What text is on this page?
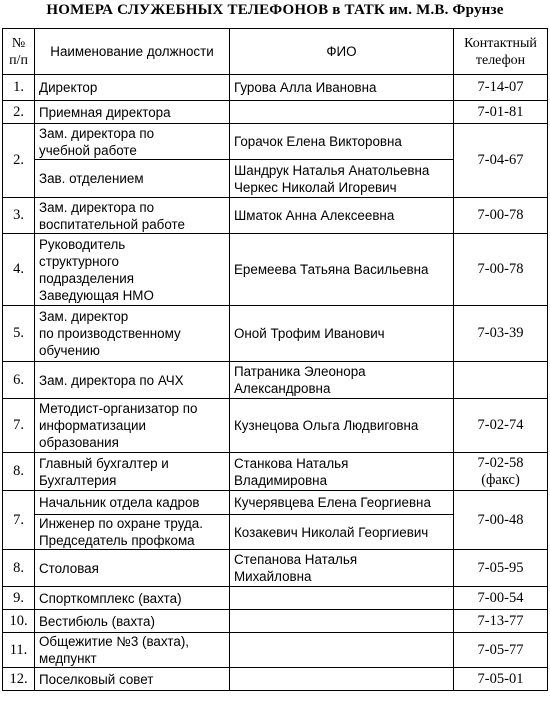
НОМЕРА СЛУЖЕБНЫХ ТЕЛЕФОНОВ в ТАТК им. М.В. Фрунзе
№ п/п	Наименование должности	ФИО	Контактный телефон
1.	Директор	Гурова Алла Ивановна	7-14-07

2.	Приемная директора		7-01-81

2.	Зам. директора по
учебной работе	Горачок Елена Викторовна	7-04-67

	Зав. отделением	Шандрук Наталья Анатольевна
Черкес Николай Игоревич	

3.	Зам. директора по
воспитательной работе	Шматок Анна Алексеевна	7-00-78

4.	Руководитель
структурного
подразделения
Заведующая НМО	Еремеева Татьяна Васильевна	7-00-78

5.	Зам. директор
по производственному
обучению	Оной Трофим Иванович	7-03-39

6.	Зам. директора по АЧХ	Патраника Элеонора
Александровна	

7.	Методист-организатор по
информатизации
образования	Кузнецова Ольга Людвиговна	7-02-74

8.	Главный бухгалтер и
Бухгалтерия	Станкова Наталья
Владимировна	7-02-58
(факс)

7.	Начальник отдела кадров	Кучерявцева Елена Георгиевна	7-00-48

	Инженер по охране труда.
Председатель профкома	Козакевич Николай Георгиевич	

8.	Столовая	Степанова Наталья
Михайловна	7-05-95

9.	Спорткомплекс (вахта)		7-00-54

10.	Вестибюль (вахта)		7-13-77

11.	Общежитие №3 (вахта),
медпункт		7-05-77

12.	Поселковый совет		7-05-01
